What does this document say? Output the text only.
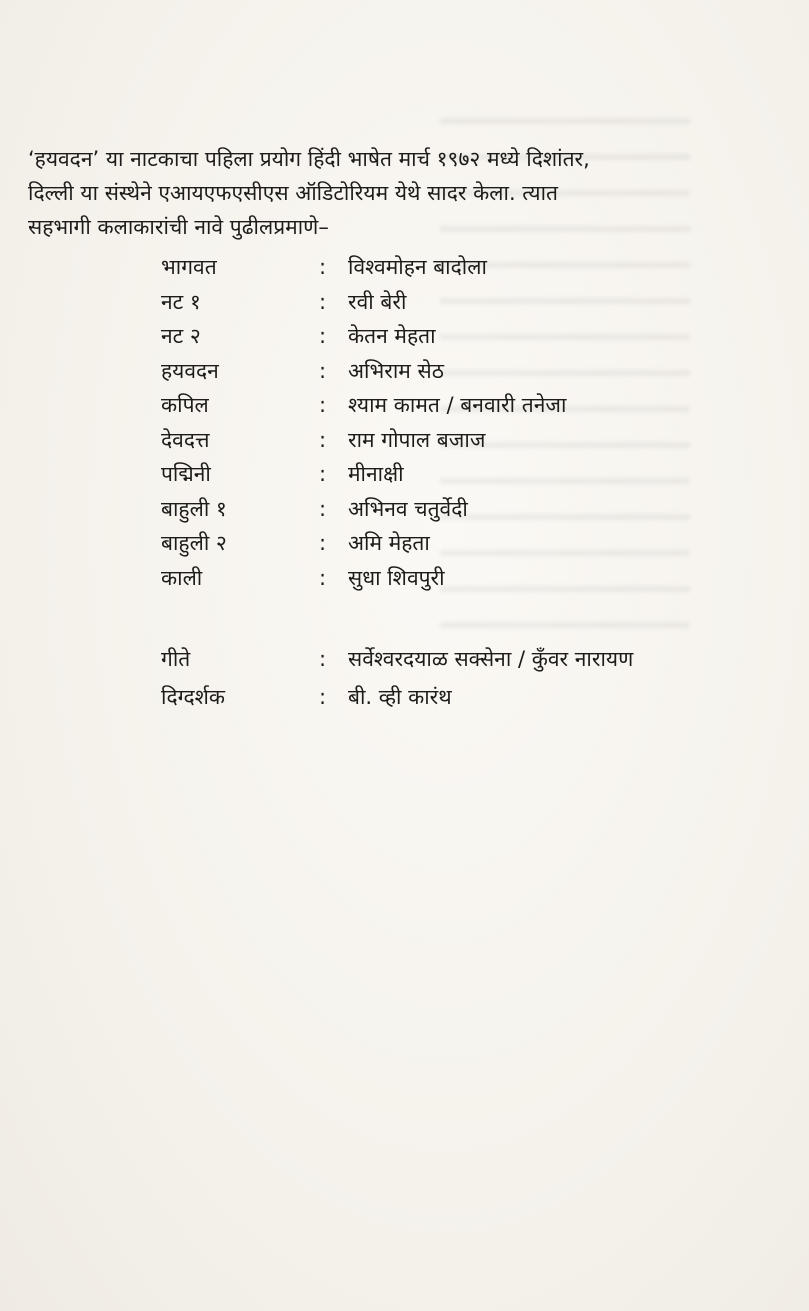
‘हयवदन’ या नाटकाचा पहिला प्रयोग हिंदी भाषेत मार्च १९७२ मध्ये दिशांतर,
दिल्ली या संस्थेने एआयएफएसीएस ऑडिटोरियम येथे सादर केला. त्यात
सहभागी कलाकारांची नावे पुढीलप्रमाणे–

भागवत	:	विश्वमोहन बादोला
नट १	:	रवी बेरी
नट २	:	केतन मेहता
हयवदन	:	अभिराम सेठ
कपिल	:	श्याम कामत / बनवारी तनेजा
देवदत्त	:	राम गोपाल बजाज
पद्मिनी	:	मीनाक्षी
बाहुली १	:	अभिनव चतुर्वेदी
बाहुली २	:	अमि मेहता
काली	:	सुधा शिवपुरी
गीते	:	सर्वेश्वरदयाळ सक्सेना / कुँवर नारायण
दिग्दर्शक	:	बी. व्ही कारंथ
